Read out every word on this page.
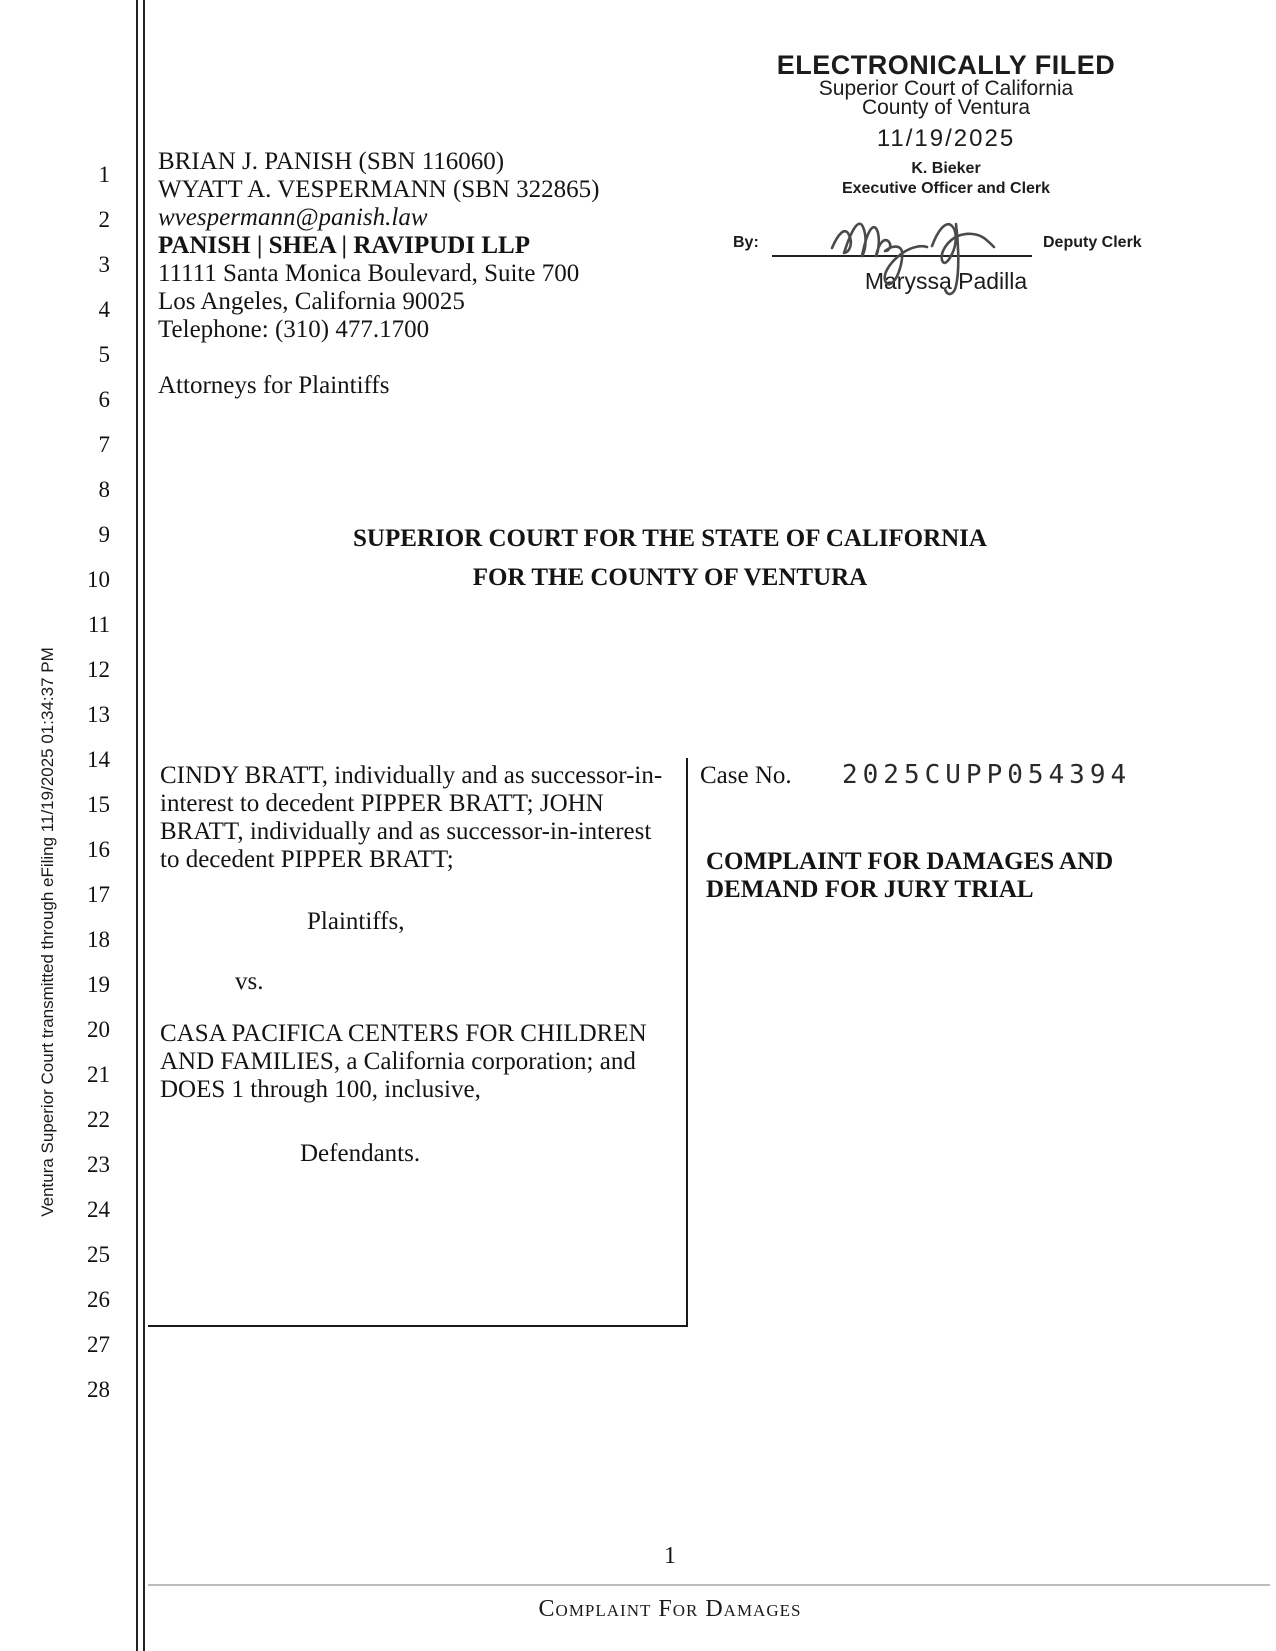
Ventura Superior Court transmitted through eFiling 11/19/2025 01:34:37 PM
1
2
3
4
5
6
7
8
9
10
11
12
13
14
15
16
17
18
19
20
21
22
23
24
25
26
27
28
ELECTRONICALLY FILED
Superior Court of California
County of Ventura
11/19/2025
K. Bieker
Executive Officer and Clerk
By:	Deputy Clerk
Maryssa Padilla
BRIAN J. PANISH (SBN 116060)
WYATT A. VESPERMANN (SBN 322865)
wvespermann@panish.law
PANISH | SHEA | RAVIPUDI LLP
11111 Santa Monica Boulevard, Suite 700
Los Angeles, California 90025
Telephone: (310) 477.1700
Attorneys for Plaintiffs
SUPERIOR COURT FOR THE STATE OF CALIFORNIA
FOR THE COUNTY OF VENTURA
CINDY BRATT, individually and as successor-in-interest to decedent PIPPER BRATT; JOHN BRATT, individually and as successor-in-interest to decedent PIPPER BRATT;
Plaintiffs,
vs.
CASA PACIFICA CENTERS FOR CHILDREN AND FAMILIES, a California corporation; and DOES 1 through 100, inclusive,
Defendants.
Case No. 2025CUPP054394
COMPLAINT FOR DAMAGES AND
DEMAND FOR JURY TRIAL
1
Complaint For Damages
